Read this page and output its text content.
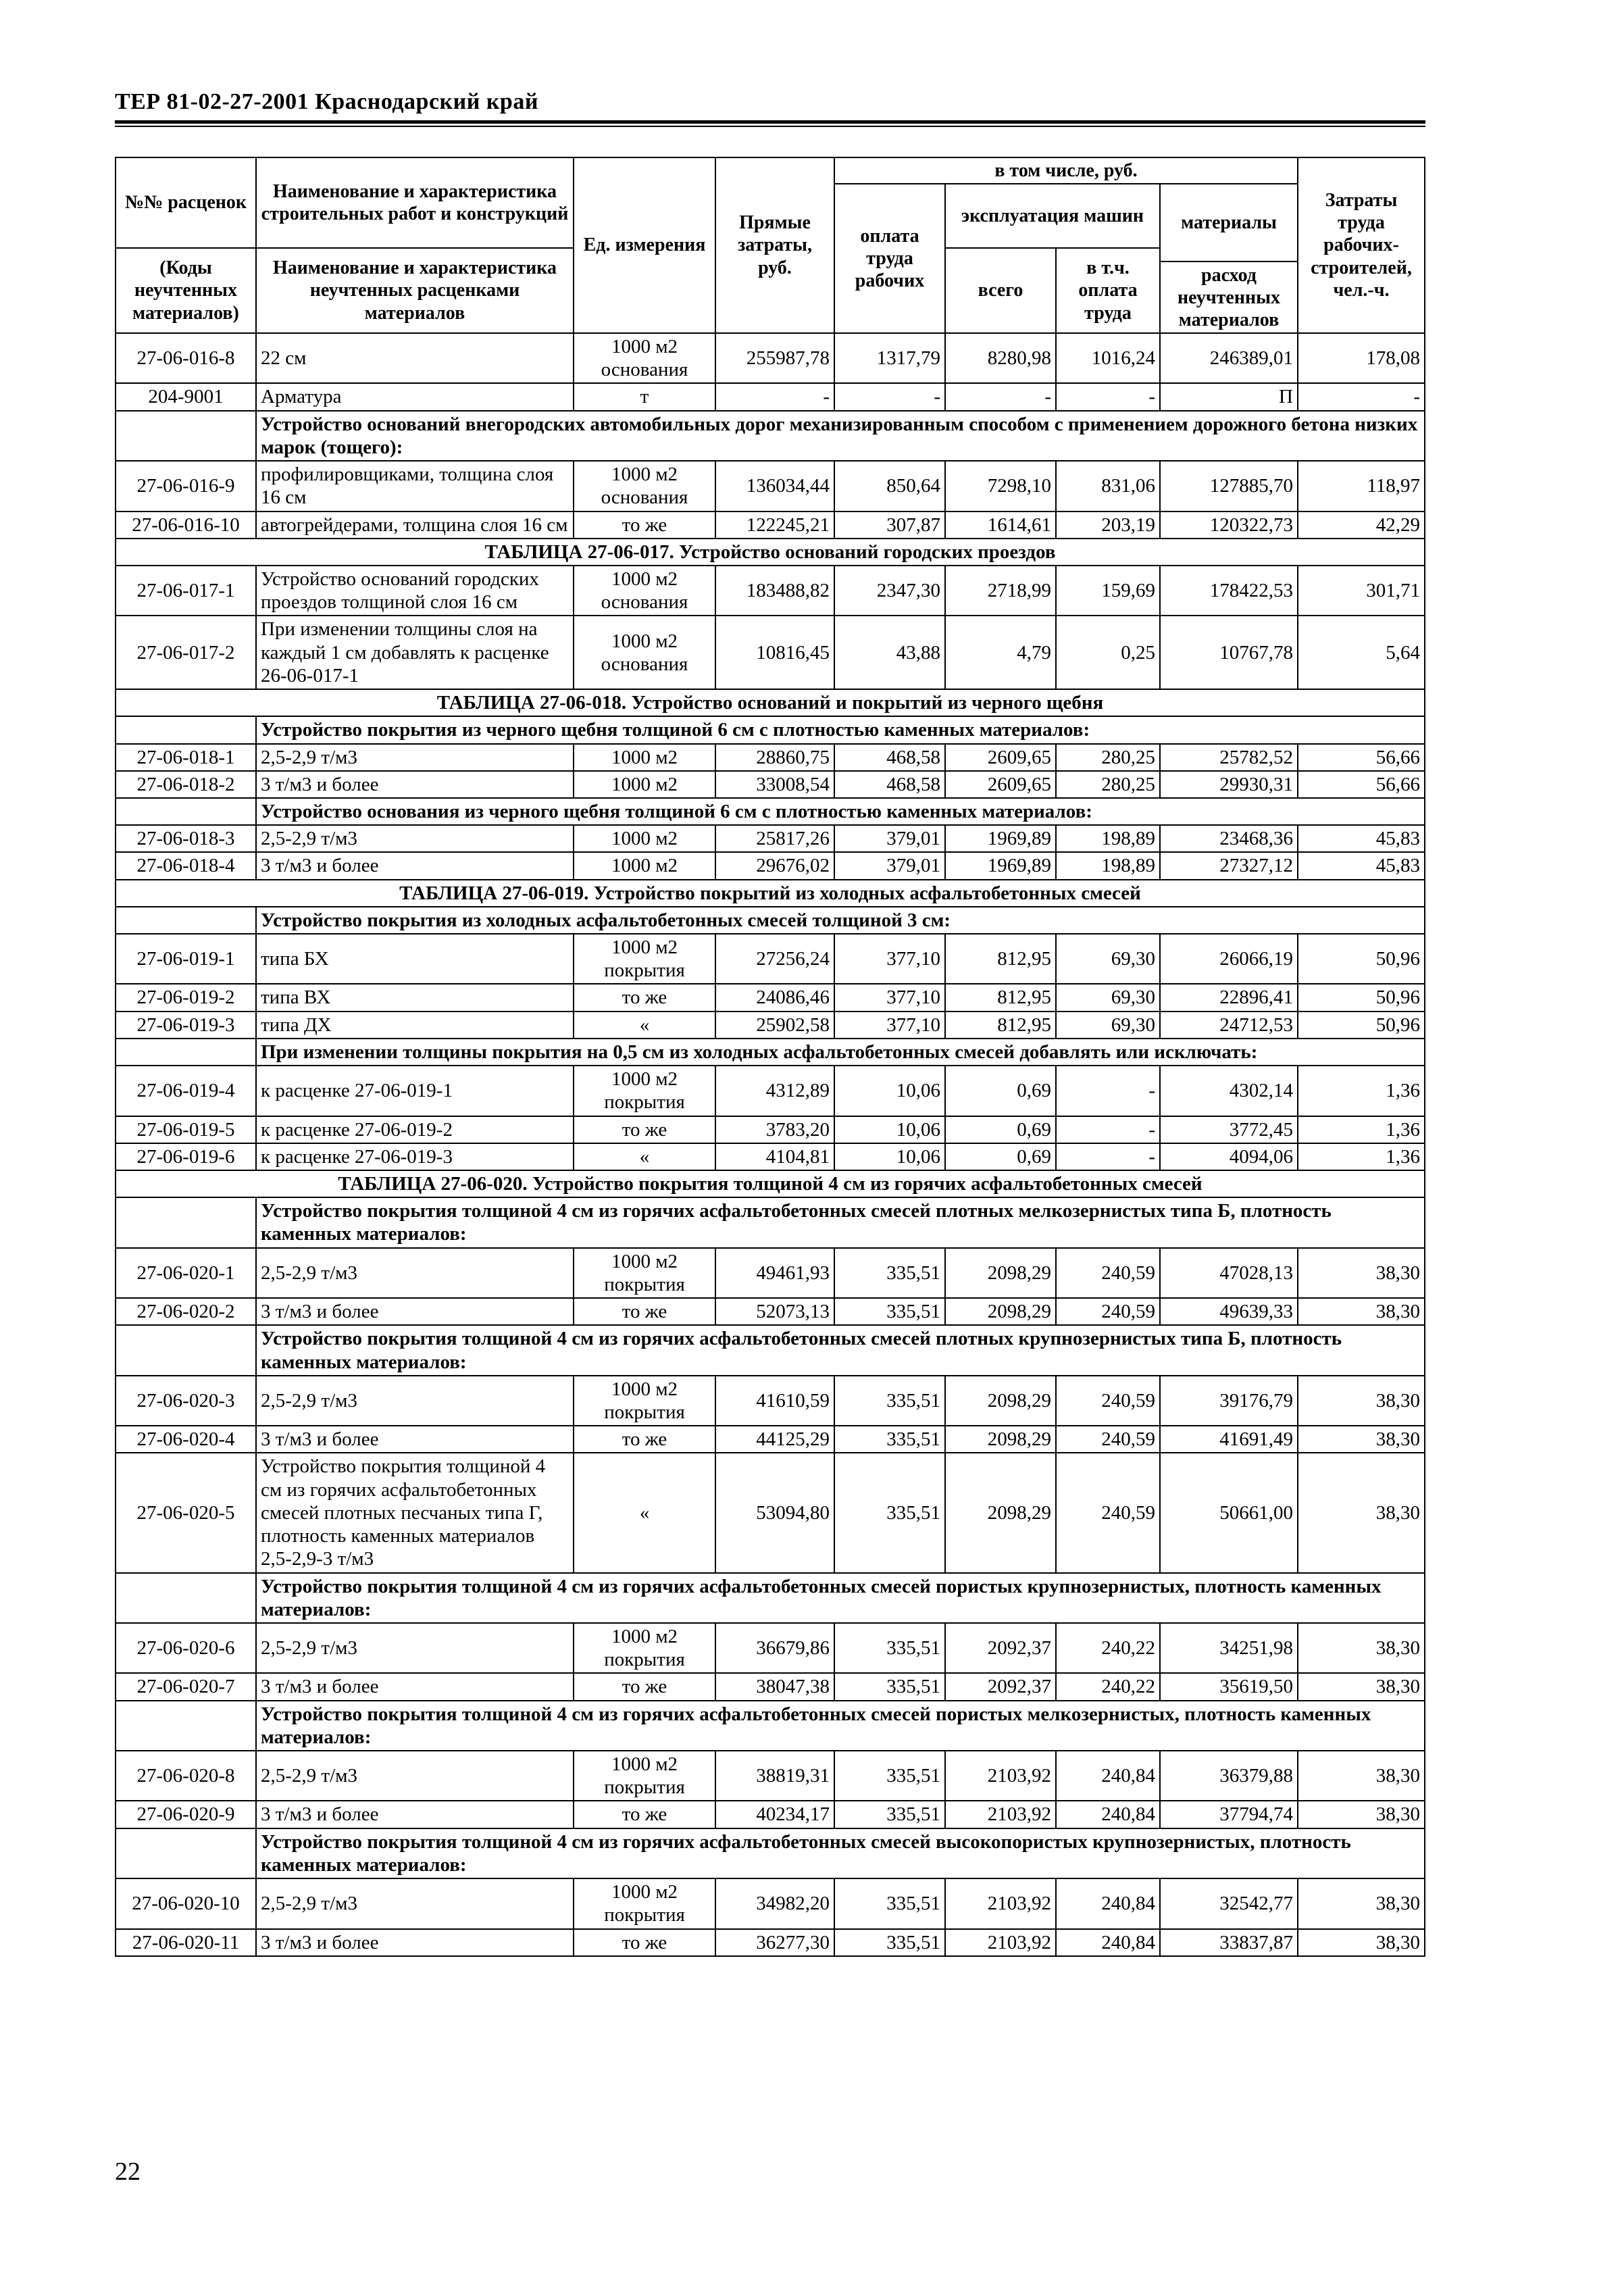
ТЕР 81-02-27-2001 Краснодарский край
№№ расценок	Наименование и характеристика строительных работ и конструкций	Ед. измерения	Прямые затраты, руб.	в том числе, руб.				Затраты труда рабочих-строителей, чел.-ч.
				оплата труда рабочих	эксплуатация машин		материалы	
(Коды неучтенных материалов)	Наименование и характеристика неучтенных расценками материалов				всего	в т.ч. оплата труда		
							расход неучтенных материалов	
27-06-016-8	22 см	1000 м2 основания	255987,78	1317,79	8280,98	1016,24	246389,01	178,08
204-9001	Арматура	т	-	-	-	-	П	-
	Устройство оснований внегородских автомобильных дорог механизированным способом с применением дорожного бетона низких марок (тощего):							
27-06-016-9	профилировщиками, толщина слоя 16 см	1000 м2 основания	136034,44	850,64	7298,10	831,06	127885,70	118,97
27-06-016-10	автогрейдерами, толщина слоя 16 см	то же	122245,21	307,87	1614,61	203,19	120322,73	42,29
ТАБЛИЦА 27-06-017. Устройство оснований городских проездов								
27-06-017-1	Устройство оснований городских проездов толщиной слоя 16 см	1000 м2 основания	183488,82	2347,30	2718,99	159,69	178422,53	301,71
27-06-017-2	При изменении толщины слоя на каждый 1 см добавлять к расценке 26-06-017-1	1000 м2 основания	10816,45	43,88	4,79	0,25	10767,78	5,64
ТАБЛИЦА 27-06-018. Устройство оснований и покрытий из черного щебня								
	Устройство покрытия из черного щебня толщиной 6 см с плотностью каменных материалов:							
27-06-018-1	2,5-2,9 т/м3	1000 м2	28860,75	468,58	2609,65	280,25	25782,52	56,66
27-06-018-2	3 т/м3 и более	1000 м2	33008,54	468,58	2609,65	280,25	29930,31	56,66
	Устройство основания из черного щебня толщиной 6 см с плотностью каменных материалов:							
27-06-018-3	2,5-2,9 т/м3	1000 м2	25817,26	379,01	1969,89	198,89	23468,36	45,83
27-06-018-4	3 т/м3 и более	1000 м2	29676,02	379,01	1969,89	198,89	27327,12	45,83
ТАБЛИЦА 27-06-019. Устройство покрытий из холодных асфальтобетонных смесей								
	Устройство покрытия из холодных асфальтобетонных смесей толщиной 3 см:							
27-06-019-1	типа БХ	1000 м2 покрытия	27256,24	377,10	812,95	69,30	26066,19	50,96
27-06-019-2	типа ВХ	то же	24086,46	377,10	812,95	69,30	22896,41	50,96
27-06-019-3	типа ДХ	«	25902,58	377,10	812,95	69,30	24712,53	50,96
	При изменении толщины покрытия на 0,5 см из холодных асфальтобетонных смесей добавлять или исключать:							
27-06-019-4	к расценке 27-06-019-1	1000 м2 покрытия	4312,89	10,06	0,69	-	4302,14	1,36
27-06-019-5	к расценке 27-06-019-2	то же	3783,20	10,06	0,69	-	3772,45	1,36
27-06-019-6	к расценке 27-06-019-3	«	4104,81	10,06	0,69	-	4094,06	1,36
ТАБЛИЦА 27-06-020. Устройство покрытия толщиной 4 см из горячих асфальтобетонных смесей								
	Устройство покрытия толщиной 4 см из горячих асфальтобетонных смесей плотных мелкозернистых типа Б, плотность каменных материалов:							
27-06-020-1	2,5-2,9 т/м3	1000 м2 покрытия	49461,93	335,51	2098,29	240,59	47028,13	38,30
27-06-020-2	3 т/м3 и более	то же	52073,13	335,51	2098,29	240,59	49639,33	38,30
	Устройство покрытия толщиной 4 см из горячих асфальтобетонных смесей плотных крупнозернистых типа Б, плотность каменных материалов:							
27-06-020-3	2,5-2,9 т/м3	1000 м2 покрытия	41610,59	335,51	2098,29	240,59	39176,79	38,30
27-06-020-4	3 т/м3 и более	то же	44125,29	335,51	2098,29	240,59	41691,49	38,30
27-06-020-5	Устройство покрытия толщиной 4 см из горячих асфальтобетонных смесей плотных песчаных типа Г, плотность каменных материалов 2,5-2,9-3 т/м3	«	53094,80	335,51	2098,29	240,59	50661,00	38,30
	Устройство покрытия толщиной 4 см из горячих асфальтобетонных смесей пористых крупнозернистых, плотность каменных материалов:							
27-06-020-6	2,5-2,9 т/м3	1000 м2 покрытия	36679,86	335,51	2092,37	240,22	34251,98	38,30
27-06-020-7	3 т/м3 и более	то же	38047,38	335,51	2092,37	240,22	35619,50	38,30
	Устройство покрытия толщиной 4 см из горячих асфальтобетонных смесей пористых мелкозернистых, плотность каменных материалов:							
27-06-020-8	2,5-2,9 т/м3	1000 м2 покрытия	38819,31	335,51	2103,92	240,84	36379,88	38,30
27-06-020-9	3 т/м3 и более	то же	40234,17	335,51	2103,92	240,84	37794,74	38,30
	Устройство покрытия толщиной 4 см из горячих асфальтобетонных смесей высокопористых крупнозернистых, плотность каменных материалов:							
27-06-020-10	2,5-2,9 т/м3	1000 м2 покрытия	34982,20	335,51	2103,92	240,84	32542,77	38,30
27-06-020-11	3 т/м3 и более	то же	36277,30	335,51	2103,92	240,84	33837,87	38,30
22
